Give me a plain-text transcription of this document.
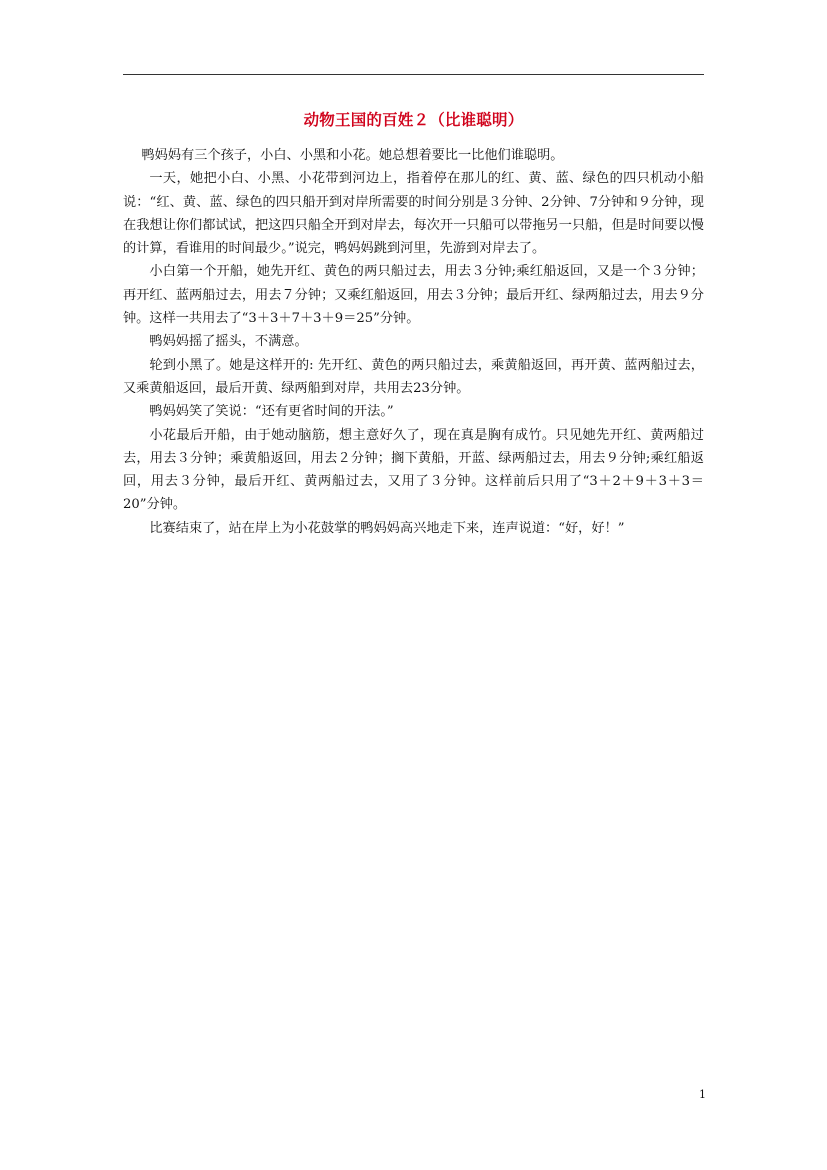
动物王国的百姓２（比谁聪明）

鸭妈妈有三个孩子，小白、小黑和小花。她总想着要比一比他们谁聪明。

一天，她把小白、小黑、小花带到河边上，指着停在那儿的红、黄、蓝、绿色的四只机动小船说：“红、黄、蓝、绿色的四只船开到对岸所需要的时间分别是３分钟、2分钟、7分钟和９分钟，现在我想让你们都试试，把这四只船全开到对岸去，每次开一只船可以带拖另一只船，但是时间要以慢的计算，看谁用的时间最少。”说完，鸭妈妈跳到河里，先游到对岸去了。

小白第一个开船，她先开红、黄色的两只船过去，用去３分钟;乘红船返回，又是一个３分钟；再开红、蓝两船过去，用去７分钟；又乘红船返回，用去３分钟；最后开红、绿两船过去，用去９分钟。这样一共用去了“3＋3＋7＋3＋9＝25”分钟。

鸭妈妈摇了摇头，不满意。

轮到小黑了。她是这样开的: 先开红、黄色的两只船过去，乘黄船返回，再开黄、蓝两船过去，又乘黄船返回，最后开黄、绿两船到对岸，共用去23分钟。

鸭妈妈笑了笑说：“还有更省时间的开法。”

小花最后开船，由于她动脑筋，想主意好久了，现在真是胸有成竹。只见她先开红、黄两船过去，用去３分钟；乘黄船返回，用去２分钟；搁下黄船，开蓝、绿两船过去，用去９分钟;乘红船返回，用去３分钟，最后开红、黄两船过去，又用了３分钟。这样前后只用了“3＋2＋9＋3＋3＝20”分钟。

比赛结束了，站在岸上为小花鼓掌的鸭妈妈高兴地走下来，连声说道：“好，好！”

1
